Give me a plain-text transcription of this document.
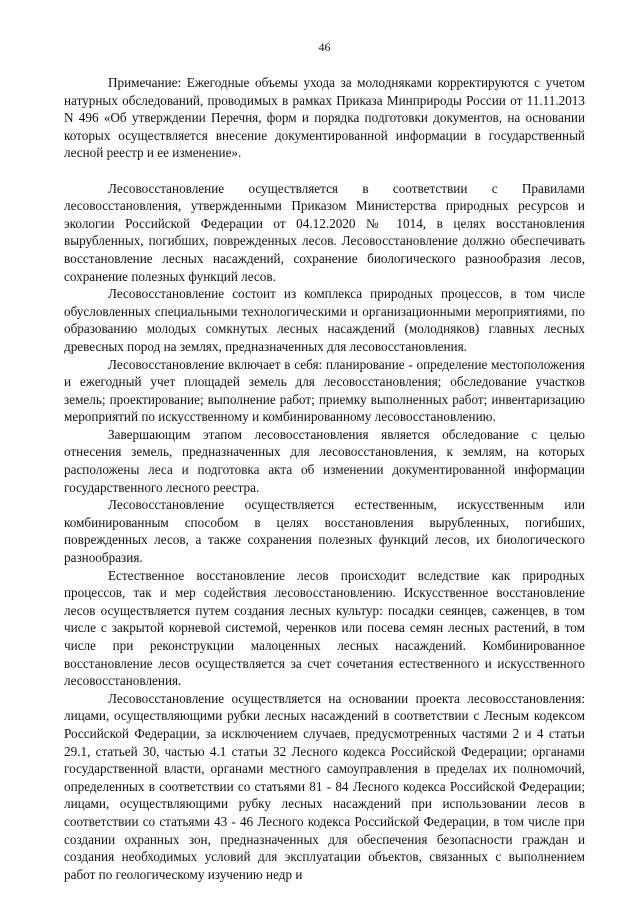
46

Примечание: Ежегодные объемы ухода за молодняками корректируются с учетом натурных обследований, проводимых в рамках Приказа Минприроды России от 11.11.2013 N 496 «Об утверждении Перечня, форм и порядка подготовки документов, на основании которых осуществляется внесение документированной информации в государственный лесной реестр и ее изменение».

Лесовосстановление осуществляется в соответствии с Правилами лесовосстановления, утвержденными Приказом Министерства природных ресурсов и экологии Российской Федерации от 04.12.2020 № 1014, в целях восстановления вырубленных, погибших, поврежденных лесов. Лесовосстановление должно обеспечивать восстановление лесных насаждений, сохранение биологического разнообразия лесов, сохранение полезных функций лесов.

Лесовосстановление состоит из комплекса природных процессов, в том числе обусловленных специальными технологическими и организационными мероприятиями, по образованию молодых сомкнутых лесных насаждений (молодняков) главных лесных древесных пород на землях, предназначенных для лесовосстановления.

Лесовосстановление включает в себя: планирование - определение местоположения и ежегодный учет площадей земель для лесовосстановления; обследование участков земель; проектирование; выполнение работ; приемку выполненных работ; инвентаризацию мероприятий по искусственному и комбинированному лесовосстановлению.

Завершающим этапом лесовосстановления является обследование с целью отнесения земель, предназначенных для лесовосстановления, к землям, на которых расположены леса и подготовка акта об изменении документированной информации государственного лесного реестра.

Лесовосстановление осуществляется естественным, искусственным или комбинированным способом в целях восстановления вырубленных, погибших, поврежденных лесов, а также сохранения полезных функций лесов, их биологического разнообразия.

Естественное восстановление лесов происходит вследствие как природных процессов, так и мер содействия лесовосстановлению. Искусственное восстановление лесов осуществляется путем создания лесных культур: посадки сеянцев, саженцев, в том числе с закрытой корневой системой, черенков или посева семян лесных растений, в том числе при реконструкции малоценных лесных насаждений. Комбинированное восстановление лесов осуществляется за счет сочетания естественного и искусственного лесовосстановления.

Лесовосстановление осуществляется на основании проекта лесовосстановления: лицами, осуществляющими рубки лесных насаждений в соответствии с Лесным кодексом Российской Федерации, за исключением случаев, предусмотренных частями 2 и 4 статьи 29.1, статьей 30, частью 4.1 статьи 32 Лесного кодекса Российской Федерации; органами государственной власти, органами местного самоуправления в пределах их полномочий, определенных в соответствии со статьями 81 - 84 Лесного кодекса Российской Федерации; лицами, осуществляющими рубку лесных насаждений при использовании лесов в соответствии со статьями 43 - 46 Лесного кодекса Российской Федерации, в том числе при создании охранных зон, предназначенных для обеспечения безопасности граждан и создания необходимых условий для эксплуатации объектов, связанных с выполнением работ по геологическому изучению недр и
